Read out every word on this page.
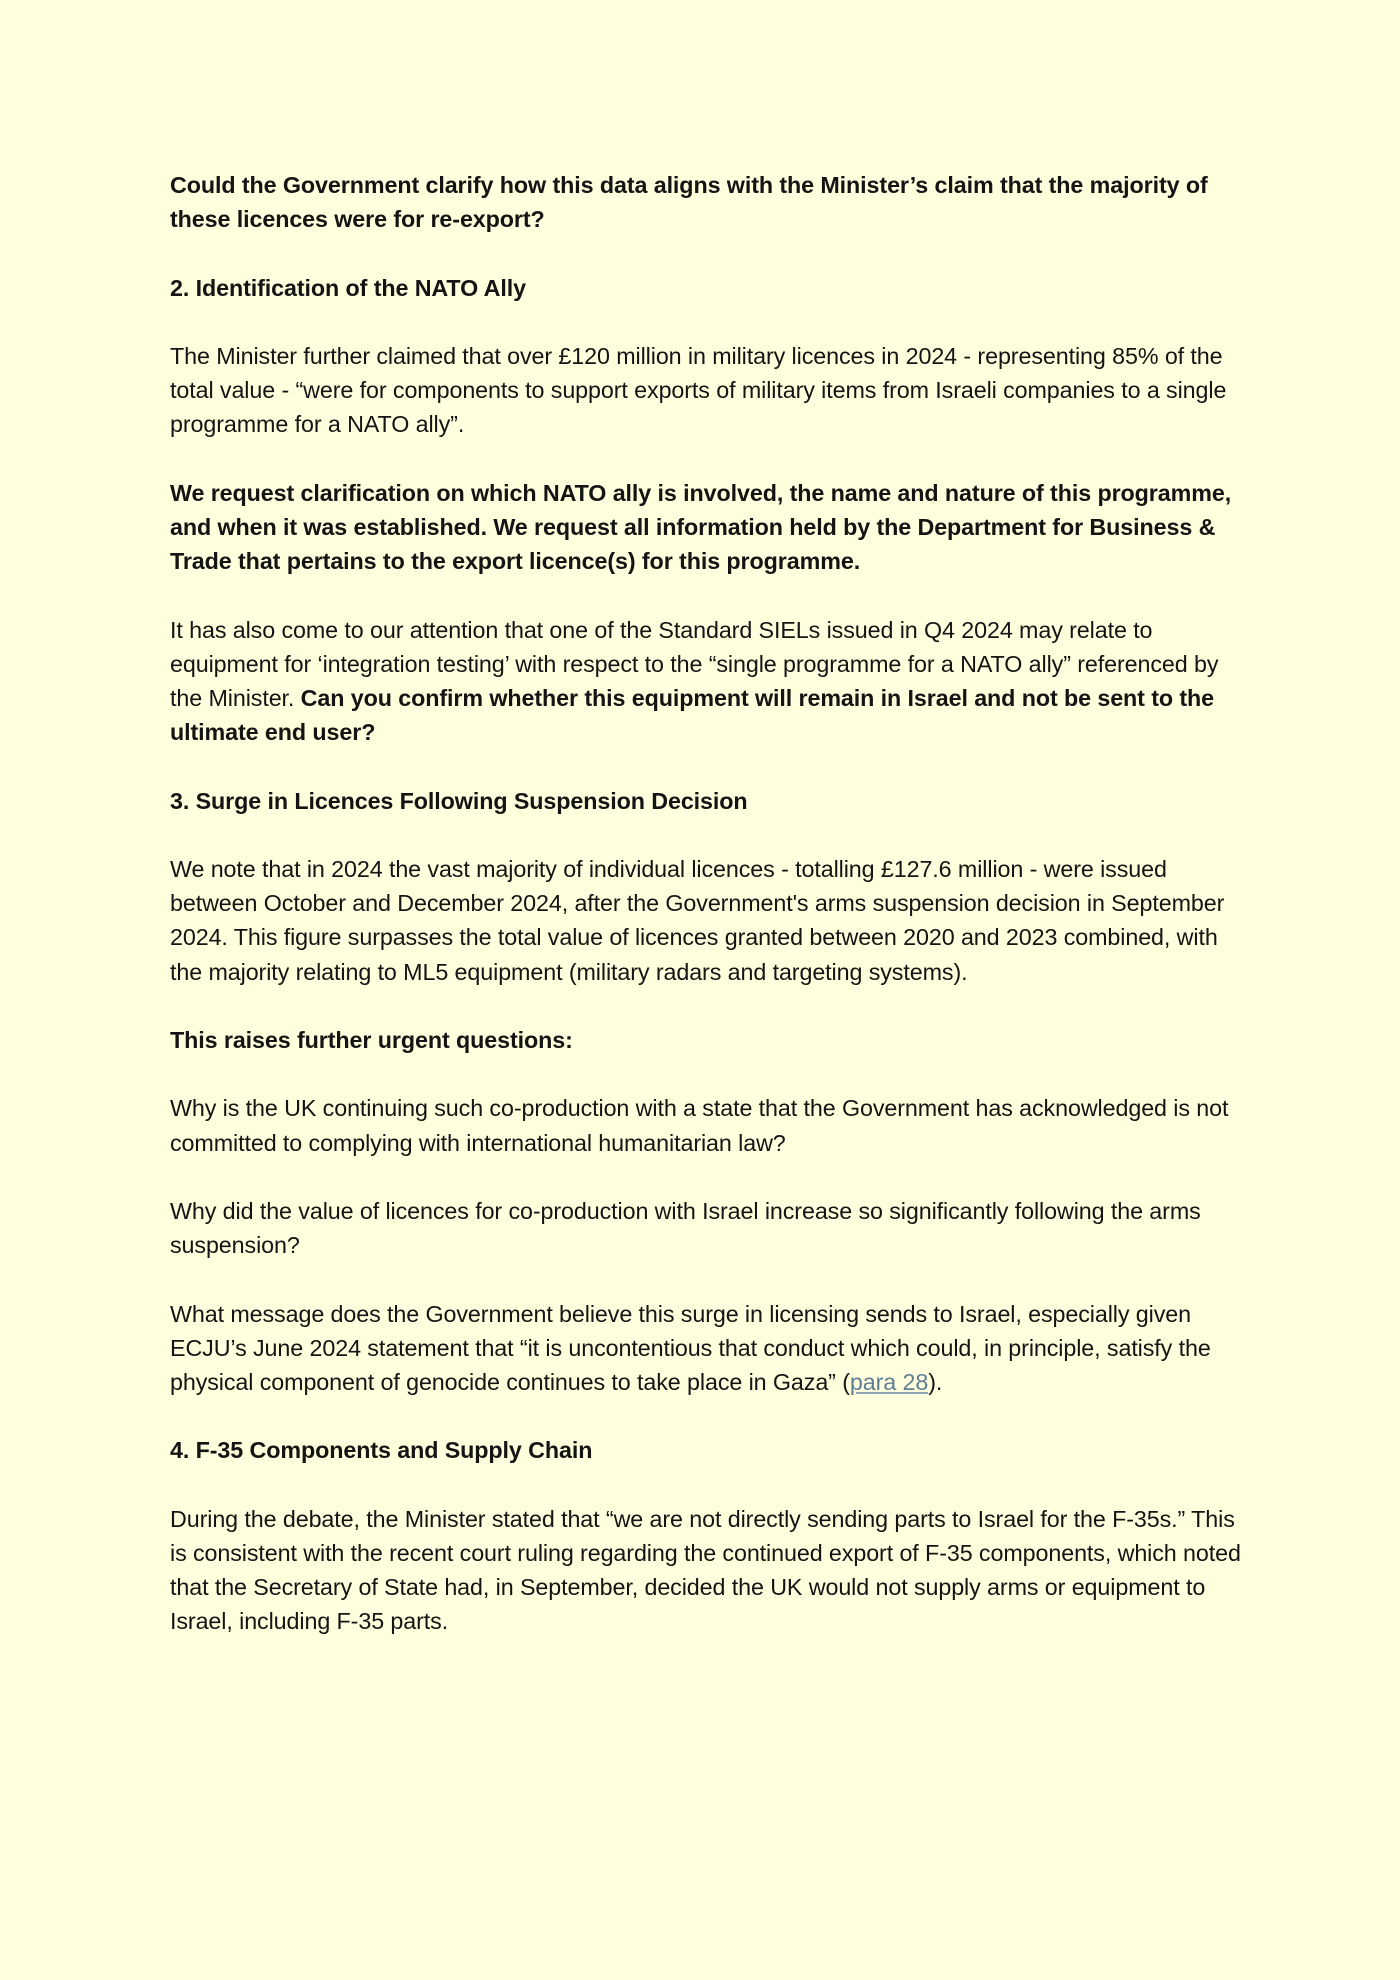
Could the Government clarify how this data aligns with the Minister’s claim that the majority of these licences were for re-export?

2. Identification of the NATO Ally

The Minister further claimed that over £120 million in military licences in 2024 - representing 85% of the total value - “were for components to support exports of military items from Israeli companies to a single programme for a NATO ally”.

We request clarification on which NATO ally is involved, the name and nature of this programme, and when it was established. We request all information held by the Department for Business & Trade that pertains to the export licence(s) for this programme.

It has also come to our attention that one of the Standard SIELs issued in Q4 2024 may relate to equipment for ‘integration testing’ with respect to the “single programme for a NATO ally” referenced by the Minister. Can you confirm whether this equipment will remain in Israel and not be sent to the ultimate end user?

3. Surge in Licences Following Suspension Decision

We note that in 2024 the vast majority of individual licences - totalling £127.6 million - were issued between October and December 2024, after the Government's arms suspension decision in September 2024. This figure surpasses the total value of licences granted between 2020 and 2023 combined, with the majority relating to ML5 equipment (military radars and targeting systems).

This raises further urgent questions:

Why is the UK continuing such co-production with a state that the Government has acknowledged is not committed to complying with international humanitarian law?

Why did the value of licences for co-production with Israel increase so significantly following the arms suspension?

What message does the Government believe this surge in licensing sends to Israel, especially given ECJU’s June 2024 statement that “it is uncontentious that conduct which could, in principle, satisfy the physical component of genocide continues to take place in Gaza” (para 28).

4. F-35 Components and Supply Chain

During the debate, the Minister stated that “we are not directly sending parts to Israel for the F-35s.” This is consistent with the recent court ruling regarding the continued export of F-35 components, which noted that the Secretary of State had, in September, decided the UK would not supply arms or equipment to Israel, including F-35 parts.
